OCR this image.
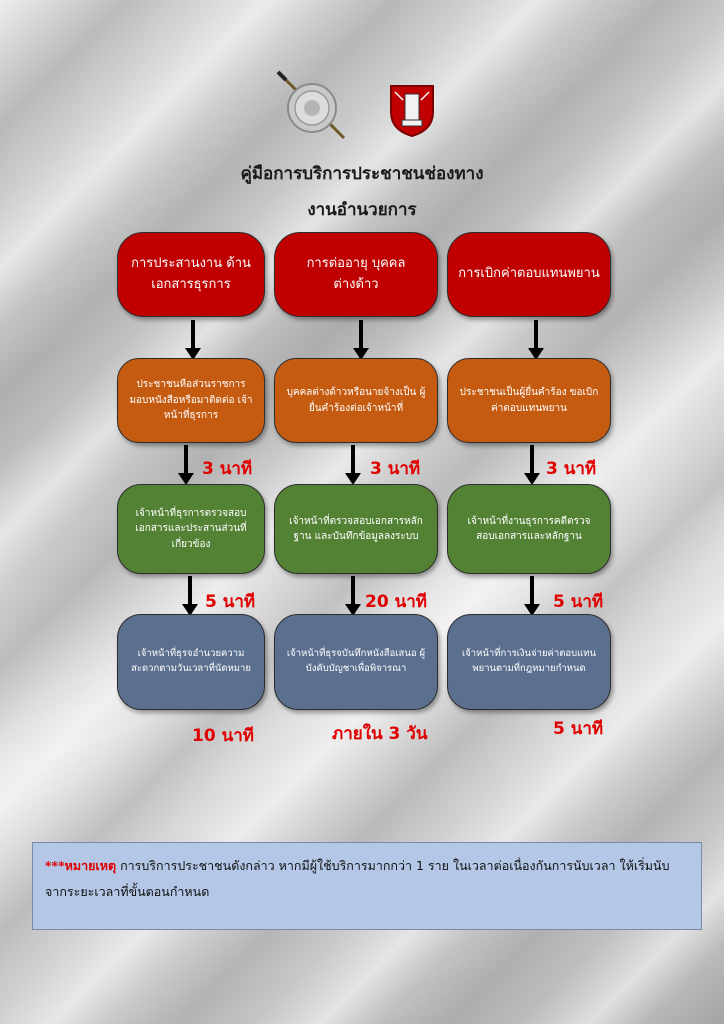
คู่มือการบริการประชาชนช่องทาง
งานอำนวยการ
การประสานงาน ด้านเอกสารธุรการ
ประชาชนหือส่วนราชการ มอบหนังสือหรือมาติดต่อ เจ้าหน้าที่ธุรการ
3 นาที
เจ้าหน้าที่ธุรการตรวจสอบ เอกสารและประสานส่วนที่ เกี่ยวข้อง
5 นาที
เจ้าหน้าที่ธุรจอำนวยความ สะดวกตามวันเวลาที่นัดหมาย
10 นาที
การต่ออายุ บุคคลต่างด้าว
บุคคลต่างด้าวหรือนายจ้างเป็น ผู้ยื่นคำร้องต่อเจ้าหน้าที่
3 นาที
เจ้าหน้าที่ตรวจสอบเอกสารหลักฐาน และบันทึกข้อมูลลงระบบ
20 นาที
เจ้าหน้าที่ธุรจบันทึกหนังสือเสนอ ผู้บังคับบัญชาเพื่อพิจารณา
ภายใน 3 วัน
การเบิกค่าตอบแทนพยาน
ประชาชนเป็นผู้ยื่นคำร้อง ขอเบิกค่าตอบแทนพยาน
3 นาที
เจ้าหน้าที่งานธุรการคดีตรวจ สอบเอกสารและหลักฐาน
5 นาที
เจ้าหน้าที่การเงินจ่ายค่าตอบแทน พยานตามที่กฎหมายกำหนด
5 นาที
***หมายเหตุ การบริการประชาชนดังกล่าว หากมีผู้ใช้บริการมากกว่า 1 ราย ในเวลาต่อเนื่องกันการนับเวลา ให้เริ่มนับจากระยะเวลาที่ขั้นตอนกำหนด
